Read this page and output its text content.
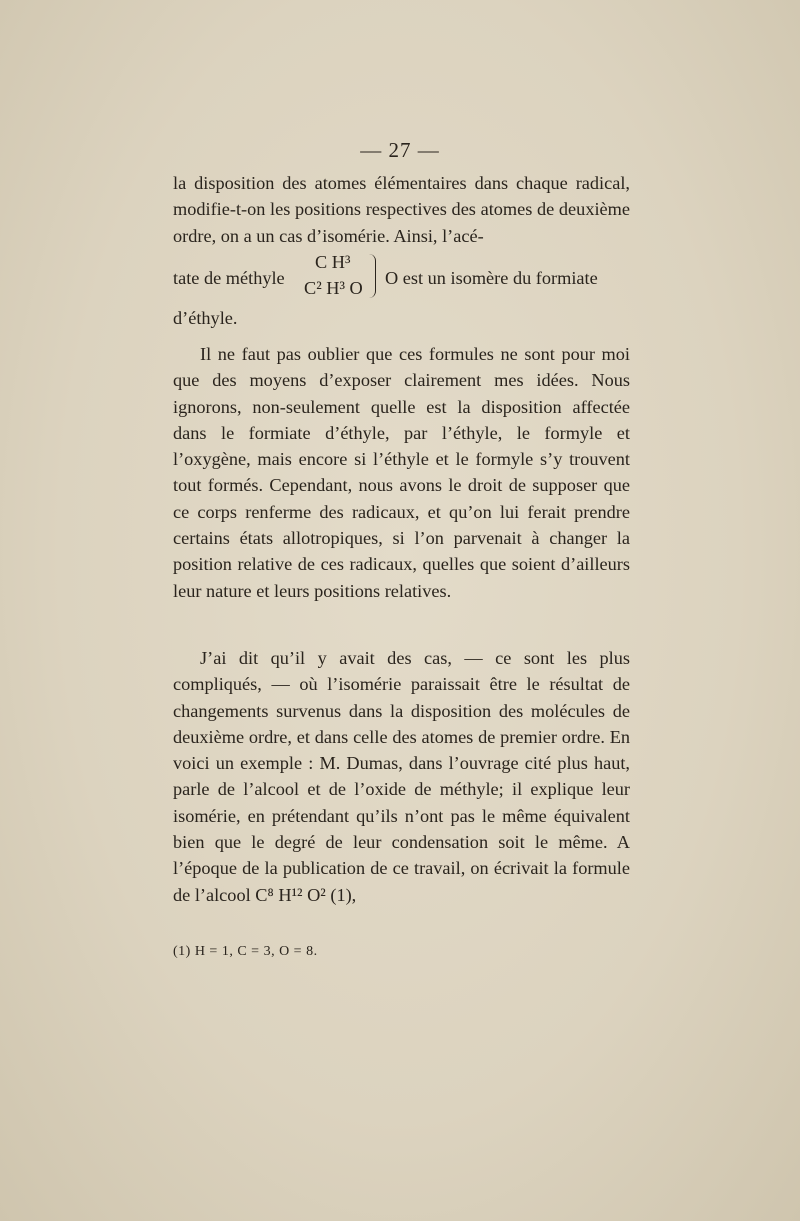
— 27 —

la disposition des atomes élémentaires dans chaque radical, modifie-t-on les positions respectives des atomes de deuxième ordre, on a un cas d’isomérie. Ainsi, l’acé-

tate de méthyle
C H³
C² H³ O O est un isomère du formiate

d’éthyle.

Il ne faut pas oublier que ces formules ne sont pour moi que des moyens d’exposer clairement mes idées. Nous ignorons, non-seulement quelle est la disposition affectée dans le formiate d’éthyle, par l’éthyle, le formyle et l’oxygène, mais encore si l’éthyle et le formyle s’y trouvent tout formés. Cependant, nous avons le droit de supposer que ce corps renferme des radicaux, et qu’on lui ferait prendre certains états allotropiques, si l’on parvenait à changer la position relative de ces radicaux, quelles que soient d’ailleurs leur nature et leurs positions relatives.

J’ai dit qu’il y avait des cas, — ce sont les plus compliqués, — où l’isomérie paraissait être le résultat de changements survenus dans la disposition des molécules de deuxième ordre, et dans celle des atomes de premier ordre. En voici un exemple : M. Dumas, dans l’ouvrage cité plus haut, parle de l’alcool et de l’oxide de méthyle; il explique leur isomérie, en prétendant qu’ils n’ont pas le même équivalent bien que le degré de leur condensation soit le même. A l’époque de la publication de ce travail, on écrivait la formule de l’alcool C⁸ H¹² O² (1),

(1) H = 1, C = 3, O = 8.
